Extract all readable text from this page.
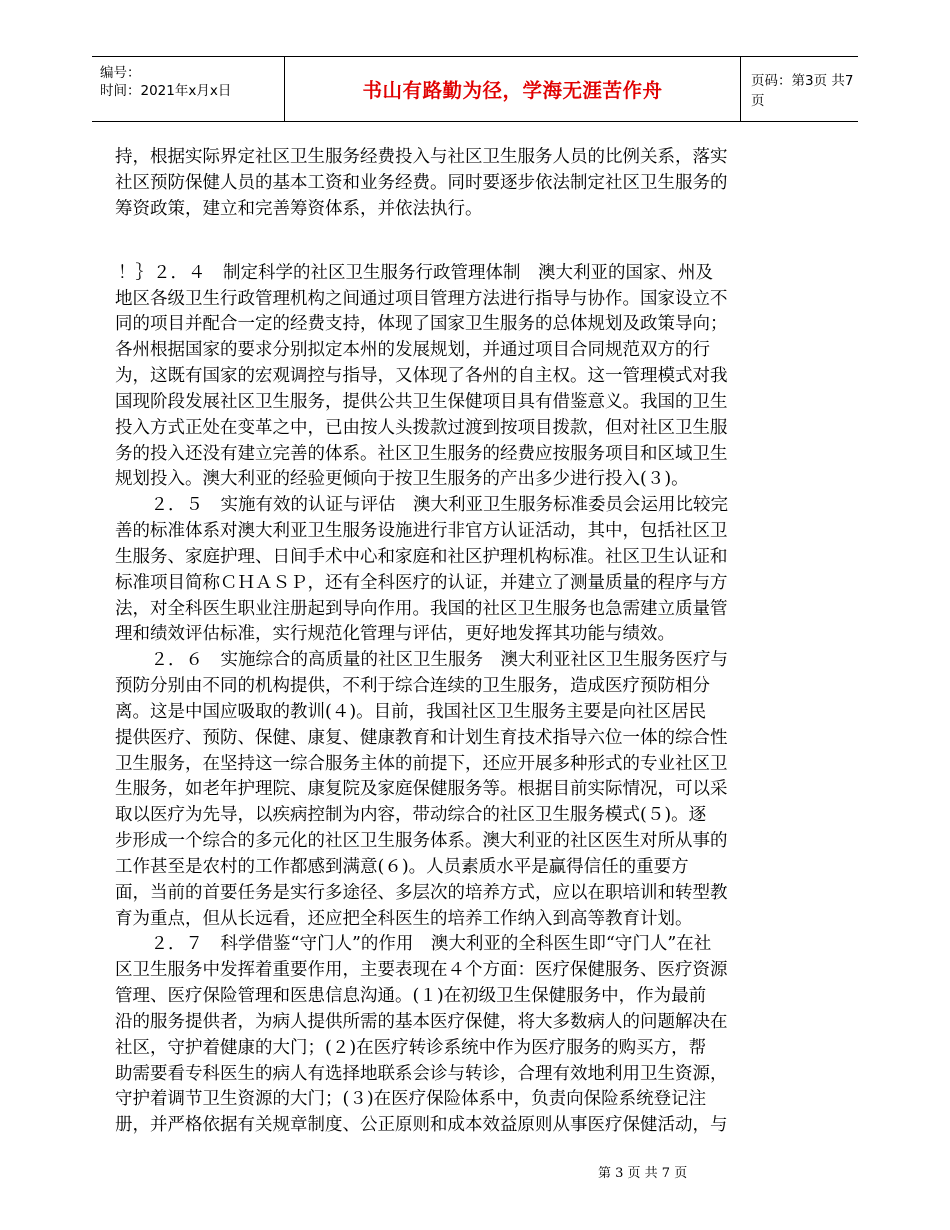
编号：
时间：2021年x月x日	书山有路勤为径，学海无涯苦作舟	页码：第3页 共7页
持，根据实际界定社区卫生服务经费投入与社区卫生服务人员的比例关系，落实
社区预防保健人员的基本工资和业务经费。同时要逐步依法制定社区卫生服务的
筹资政策，建立和完善筹资体系，并依法执行。
！｝２．４　制定科学的社区卫生服务行政管理体制　澳大利亚的国家、州及
地区各级卫生行政管理机构之间通过项目管理方法进行指导与协作。国家设立不
同的项目并配合一定的经费支持，体现了国家卫生服务的总体规划及政策导向；
各州根据国家的要求分别拟定本州的发展规划，并通过项目合同规范双方的行
为，这既有国家的宏观调控与指导，又体现了各州的自主权。这一管理模式对我
国现阶段发展社区卫生服务，提供公共卫生保健项目具有借鉴意义。我国的卫生
投入方式正处在变革之中，已由按人头拨款过渡到按项目拨款，但对社区卫生服
务的投入还没有建立完善的体系。社区卫生服务的经费应按服务项目和区域卫生
规划投入。澳大利亚的经验更倾向于按卫生服务的产出多少进行投入(３)。
　２．５　实施有效的认证与评估　澳大利亚卫生服务标准委员会运用比较完
善的标准体系对澳大利亚卫生服务设施进行非官方认证活动，其中，包括社区卫
生服务、家庭护理、日间手术中心和家庭和社区护理机构标准。社区卫生认证和
标准项目简称ＣＨＡＳＰ，还有全科医疗的认证，并建立了测量质量的程序与方
法，对全科医生职业注册起到导向作用。我国的社区卫生服务也急需建立质量管
理和绩效评估标准，实行规范化管理与评估，更好地发挥其功能与绩效。
　２．６　实施综合的高质量的社区卫生服务　澳大利亚社区卫生服务医疗与
预防分别由不同的机构提供，不利于综合连续的卫生服务，造成医疗预防相分
离。这是中国应吸取的教训(４)。目前，我国社区卫生服务主要是向社区居民
提供医疗、预防、保健、康复、健康教育和计划生育技术指导六位一体的综合性
卫生服务，在坚持这一综合服务主体的前提下，还应开展多种形式的专业社区卫
生服务，如老年护理院、康复院及家庭保健服务等。根据目前实际情况，可以采
取以医疗为先导，以疾病控制为内容，带动综合的社区卫生服务模式(５)。逐
步形成一个综合的多元化的社区卫生服务体系。澳大利亚的社区医生对所从事的
工作甚至是农村的工作都感到满意(６)。人员素质水平是赢得信任的重要方
面，当前的首要任务是实行多途径、多层次的培养方式，应以在职培训和转型教
育为重点，但从长远看，还应把全科医生的培养工作纳入到高等教育计划。
　２．７　科学借鉴“守门人”的作用　澳大利亚的全科医生即“守门人”在社
区卫生服务中发挥着重要作用，主要表现在４个方面：医疗保健服务、医疗资源
管理、医疗保险管理和医患信息沟通。(１)在初级卫生保健服务中，作为最前
沿的服务提供者，为病人提供所需的基本医疗保健，将大多数病人的问题解决在
社区，守护着健康的大门；(２)在医疗转诊系统中作为医疗服务的购买方，帮
助需要看专科医生的病人有选择地联系会诊与转诊，合理有效地利用卫生资源，
守护着调节卫生资源的大门；(３)在医疗保险体系中，负责向保险系统登记注
册，并严格依据有关规章制度、公正原则和成本效益原则从事医疗保健活动，与
第 3 页 共 7 页
